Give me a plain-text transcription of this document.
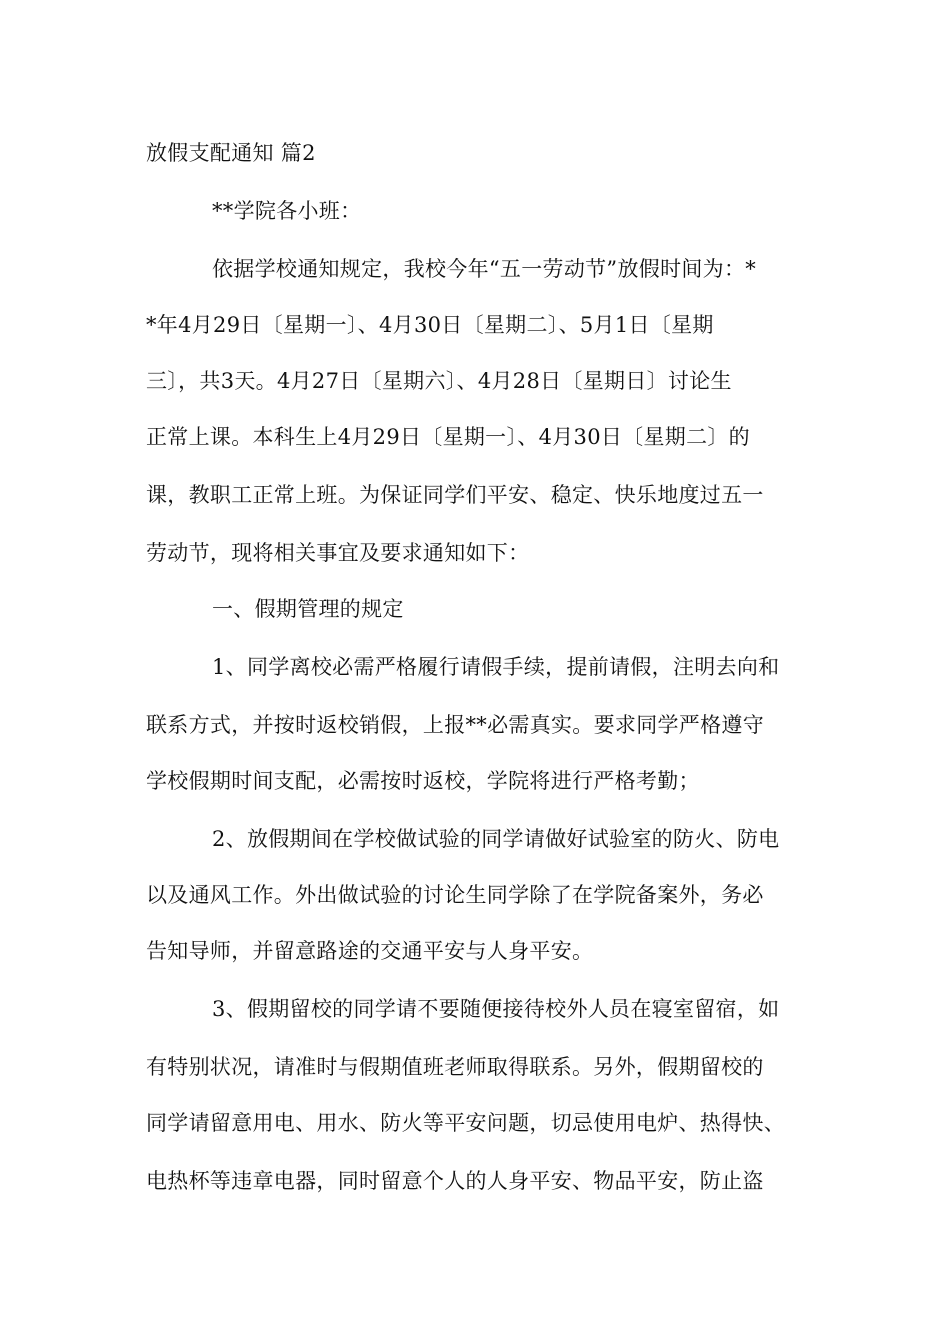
放假支配通知 篇2
**学院各小班：
依据学校通知规定，我校今年“五一劳动节”放假时间为：*
*年4月29日〔星期一〕、4月30日〔星期二〕、5月1日〔星期
三〕，共3天。4月27日〔星期六〕、4月28日〔星期日〕讨论生
正常上课。本科生上4月29日〔星期一〕、4月30日〔星期二〕的
课，教职工正常上班。为保证同学们平安、稳定、快乐地度过五一
劳动节，现将相关事宜及要求通知如下：
一、假期管理的规定
1、同学离校必需严格履行请假手续，提前请假，注明去向和
联系方式，并按时返校销假，上报**必需真实。要求同学严格遵守
学校假期时间支配，必需按时返校，学院将进行严格考勤；
2、放假期间在学校做试验的同学请做好试验室的防火、防电
以及通风工作。外出做试验的讨论生同学除了在学院备案外，务必
告知导师，并留意路途的交通平安与人身平安。
3、假期留校的同学请不要随便接待校外人员在寝室留宿，如
有特别状况，请准时与假期值班老师取得联系。另外，假期留校的
同学请留意用电、用水、防火等平安问题，切忌使用电炉、热得快、
电热杯等违章电器，同时留意个人的人身平安、物品平安，防止盗
